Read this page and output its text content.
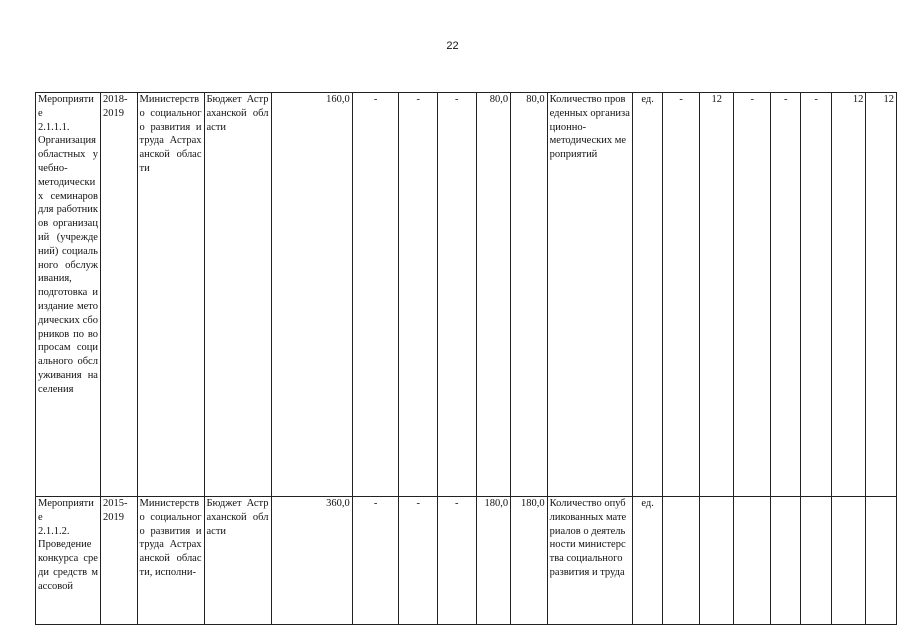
22
Мероприятие
2.1.1.1.
Организация областных учебно-
методических семинаров для работников организаций (учреждений) социального обслуживания,
подготовка и издание методических сборников по вопросам социального обслуживания населения	2018-
2019	Министерство социального развития и труда Астраханской области	Бюджет Астраханской области	160,0	-	-	-	80,0	80,0	Количество проведенных организационно-
методических мероприятий	ед.	-	12	-	-	-	12	12
Мероприятие
2.1.1.2.
Проведение конкурса среди средств массовой	2015-
2019	Министерство социального развития и труда Астраханской области, исполни-	Бюджет Астраханской области	360,0	-	-	-	180,0	180,0	Количество опубликованных материалов о деятельности министерства социального развития и труда	ед.							
